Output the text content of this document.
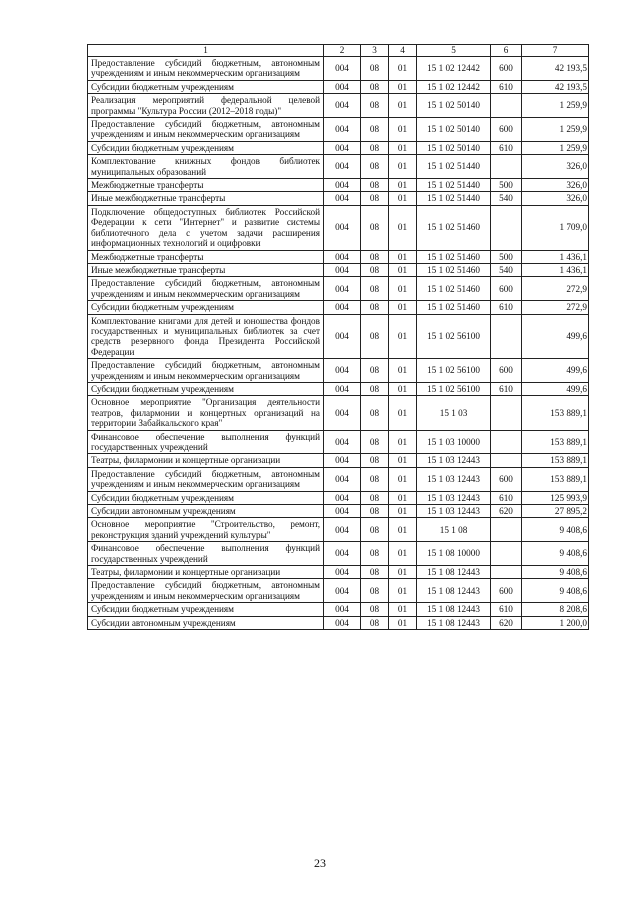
1	2	3	4	5	6	7
Предоставление субсидий бюджетным, автономным учреждениям и иным некоммерческим организациям	004	08	01	15 1 02 12442	600	42 193,5
Субсидии бюджетным учреждениям	004	08	01	15 1 02 12442	610	42 193,5
Реализация мероприятий федеральной целевой программы "Культура России (2012–2018 годы)"	004	08	01	15 1 02 50140		1 259,9
Предоставление субсидий бюджетным, автономным учреждениям и иным некоммерческим организациям	004	08	01	15 1 02 50140	600	1 259,9
Субсидии бюджетным учреждениям	004	08	01	15 1 02 50140	610	1 259,9
Комплектование книжных фондов библиотек муниципальных образований	004	08	01	15 1 02 51440		326,0
Межбюджетные трансферты	004	08	01	15 1 02 51440	500	326,0
Иные межбюджетные трансферты	004	08	01	15 1 02 51440	540	326,0
Подключение общедоступных библиотек Российской Федерации к сети "Интернет" и развитие системы библиотечного дела с учетом задачи расширения информационных технологий и оцифровки	004	08	01	15 1 02 51460		1 709,0
Межбюджетные трансферты	004	08	01	15 1 02 51460	500	1 436,1
Иные межбюджетные трансферты	004	08	01	15 1 02 51460	540	1 436,1
Предоставление субсидий бюджетным, автономным учреждениям и иным некоммерческим организациям	004	08	01	15 1 02 51460	600	272,9
Субсидии бюджетным учреждениям	004	08	01	15 1 02 51460	610	272,9
Комплектование книгами для детей и юношества фондов государственных и муниципальных библиотек за счет средств резервного фонда Президента Российской Федерации	004	08	01	15 1 02 56100		499,6
Предоставление субсидий бюджетным, автономным учреждениям и иным некоммерческим организациям	004	08	01	15 1 02 56100	600	499,6
Субсидии бюджетным учреждениям	004	08	01	15 1 02 56100	610	499,6
Основное мероприятие "Организация деятельности театров, филармонии и концертных организаций на территории Забайкальского края"	004	08	01	15 1 03		153 889,1
Финансовое обеспечение выполнения функций государственных учреждений	004	08	01	15 1 03 10000		153 889,1
Театры, филармонии и концертные организации	004	08	01	15 1 03 12443		153 889,1
Предоставление субсидий бюджетным, автономным учреждениям и иным некоммерческим организациям	004	08	01	15 1 03 12443	600	153 889,1
Субсидии бюджетным учреждениям	004	08	01	15 1 03 12443	610	125 993,9
Субсидии автономным учреждениям	004	08	01	15 1 03 12443	620	27 895,2
Основное мероприятие "Строительство, ремонт, реконструкция зданий учреждений культуры"	004	08	01	15 1 08		9 408,6
Финансовое обеспечение выполнения функций государственных учреждений	004	08	01	15 1 08 10000		9 408,6
Театры, филармонии и концертные организации	004	08	01	15 1 08 12443		9 408,6
Предоставление субсидий бюджетным, автономным учреждениям и иным некоммерческим организациям	004	08	01	15 1 08 12443	600	9 408,6
Субсидии бюджетным учреждениям	004	08	01	15 1 08 12443	610	8 208,6
Субсидии автономным учреждениям	004	08	01	15 1 08 12443	620	1 200,0
23
